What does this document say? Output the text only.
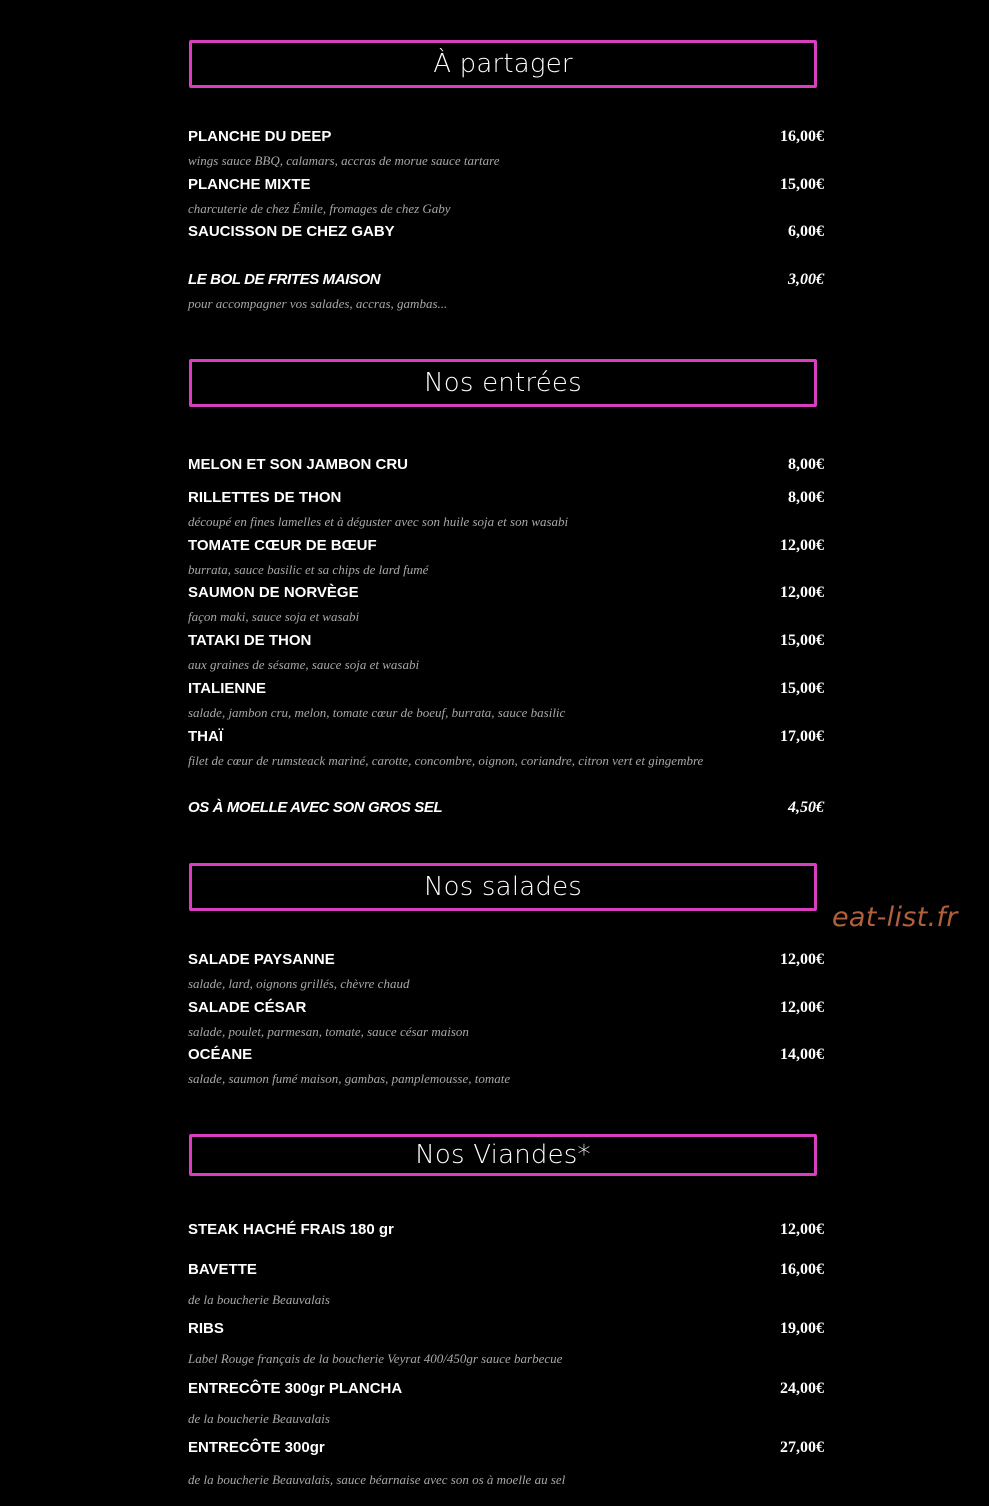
À partager
PLANCHE DU DEEP	16,00€
wings sauce BBQ, calamars, accras de morue sauce tartare
PLANCHE MIXTE	15,00€
charcuterie de chez Émile, fromages de chez Gaby
SAUCISSON DE CHEZ GABY	6,00€
LE BOL DE FRITES MAISON	3,00€
pour accompagner vos salades, accras, gambas...
Nos entrées
MELON ET SON JAMBON CRU	8,00€
RILLETTES DE THON	8,00€
découpé en fines lamelles et à déguster avec son huile soja et son wasabi
TOMATE CŒUR DE BŒUF	12,00€
burrata, sauce basilic et sa chips de lard fumé
SAUMON DE NORVÈGE	12,00€
façon maki, sauce soja et wasabi
TATAKI DE THON	15,00€
aux graines de sésame, sauce soja et wasabi
ITALIENNE	15,00€
salade, jambon cru, melon, tomate cœur de boeuf, burrata, sauce basilic
THAÏ	17,00€
filet de cœur de rumsteack mariné, carotte, concombre, oignon, coriandre, citron vert et gingembre
OS À MOELLE AVEC SON GROS SEL	4,50€
Nos salades
eat-list.fr
SALADE PAYSANNE	12,00€
salade, lard, oignons grillés, chèvre chaud
SALADE CÉSAR	12,00€
salade, poulet, parmesan, tomate, sauce césar maison
OCÉANE	14,00€
salade, saumon fumé maison, gambas, pamplemousse, tomate
Nos Viandes*
STEAK HACHÉ FRAIS 180 gr	12,00€
BAVETTE	16,00€
de la boucherie Beauvalais
RIBS	19,00€
Label Rouge français de la boucherie Veyrat 400/450gr sauce barbecue
ENTRECÔTE 300gr PLANCHA	24,00€
de la boucherie Beauvalais
ENTRECÔTE 300gr	27,00€
de la boucherie Beauvalais, sauce béarnaise avec son os à moelle au sel
